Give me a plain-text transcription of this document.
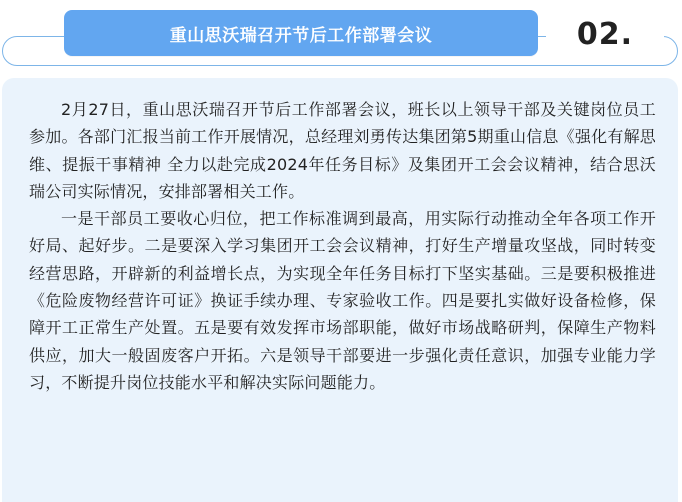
重山思沃瑞召开节后工作部署会议	02.

2月27日，重山思沃瑞召开节后工作部署会议，班长以上领导干部及关键岗位员工参加。各部门汇报当前工作开展情况，总经理刘勇传达集团第5期重山信息《强化有解思维、提振干事精神 全力以赴完成2024年任务目标》及集团开工会会议精神，结合思沃瑞公司实际情况，安排部署相关工作。

一是干部员工要收心归位，把工作标准调到最高，用实际行动推动全年各项工作开好局、起好步。二是要深入学习集团开工会会议精神，打好生产增量攻坚战，同时转变经营思路，开辟新的利益增长点，为实现全年任务目标打下坚实基础。三是要积极推进《危险废物经营许可证》换证手续办理、专家验收工作。四是要扎实做好设备检修，保障开工正常生产处置。五是要有效发挥市场部职能，做好市场战略研判，保障生产物料供应，加大一般固废客户开拓。六是领导干部要进一步强化责任意识，加强专业能力学习，不断提升岗位技能水平和解决实际问题能力。
